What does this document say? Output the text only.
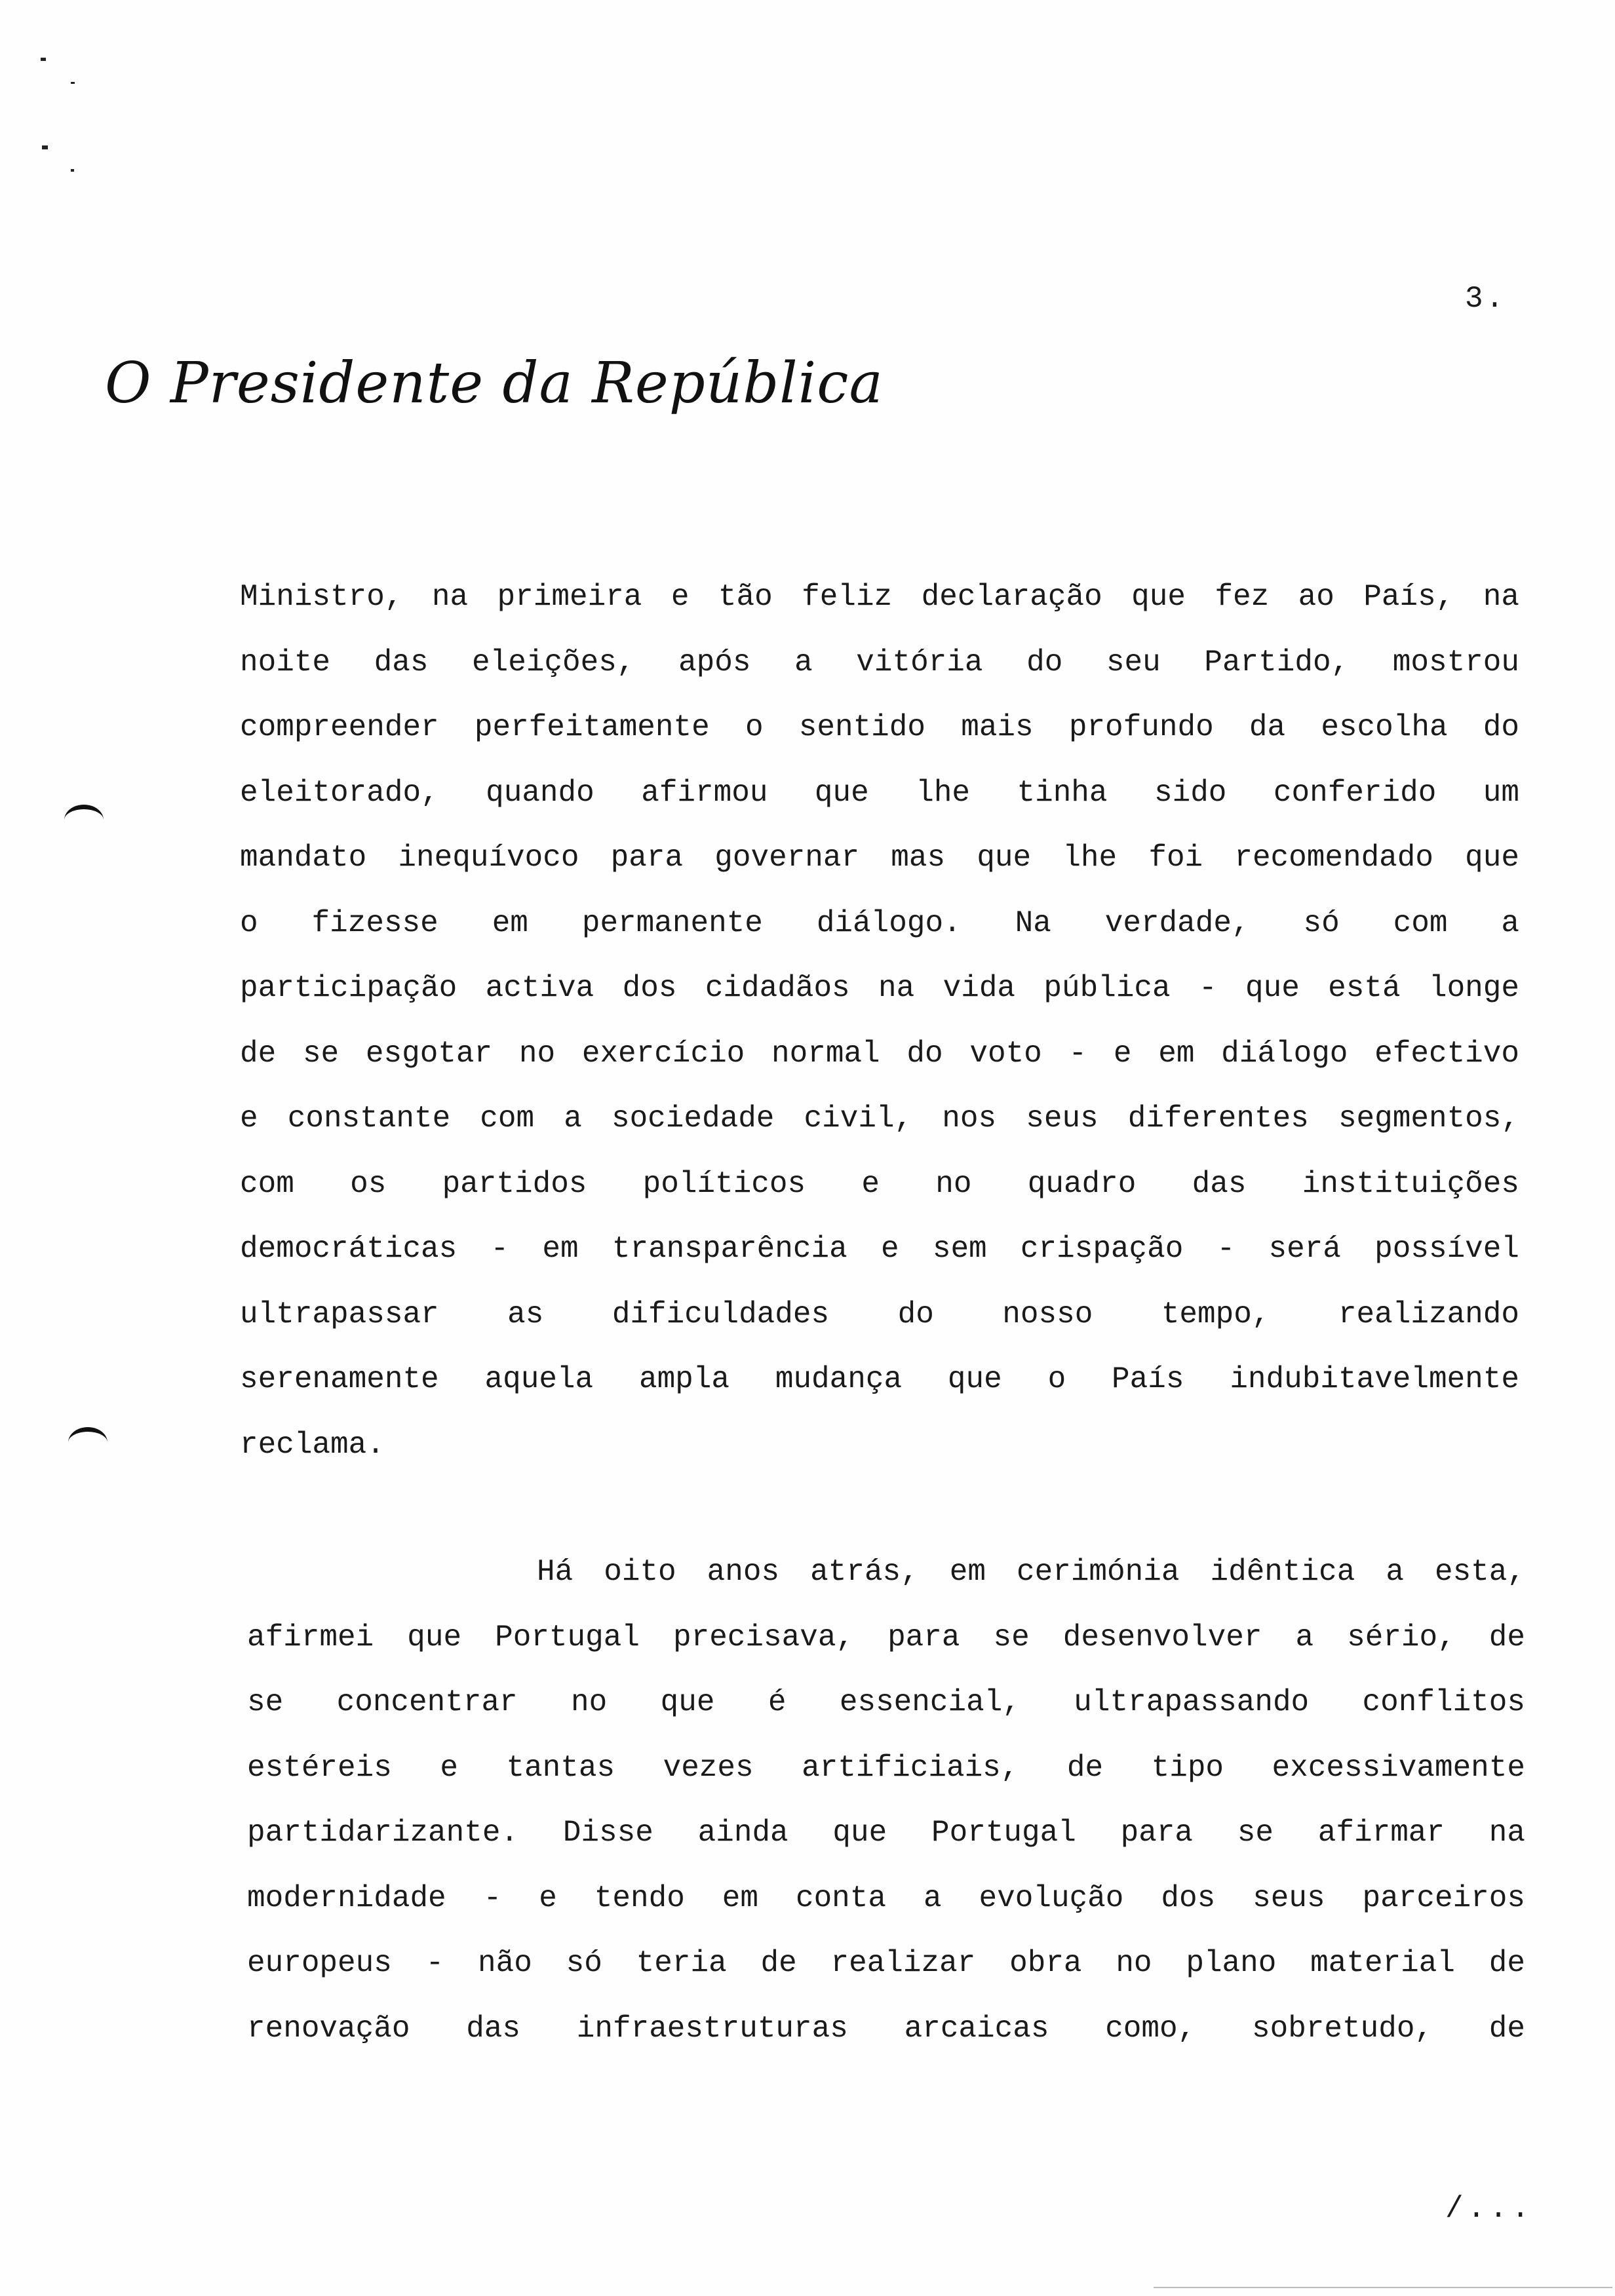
3.
O Presidente da República
Ministro, na primeira e tão feliz declaração que fez ao País, na
noite das eleições, após a vitória do seu Partido, mostrou
compreender perfeitamente o sentido mais profundo da escolha do
eleitorado, quando afirmou que lhe tinha sido conferido um
mandato inequívoco para governar mas que lhe foi recomendado que
o fizesse em permanente diálogo. Na verdade, só com a
participação activa dos cidadãos na vida pública - que está longe
de se esgotar no exercício normal do voto - e em diálogo efectivo
e constante com a sociedade civil, nos seus diferentes segmentos,
com os partidos políticos e no quadro das instituições
democráticas - em transparência e sem crispação - será possível
ultrapassar as dificuldades do nosso tempo, realizando
serenamente aquela ampla mudança que o País indubitavelmente
reclama.
Há oito anos atrás, em cerimónia idêntica a esta,
afirmei que Portugal precisava, para se desenvolver a sério, de
se concentrar no que é essencial, ultrapassando conflitos
estéreis e tantas vezes artificiais, de tipo excessivamente
partidarizante. Disse ainda que Portugal para se afirmar na
modernidade - e tendo em conta a evolução dos seus parceiros
europeus - não só teria de realizar obra no plano material de
renovação das infraestruturas arcaicas como, sobretudo, de
/...
